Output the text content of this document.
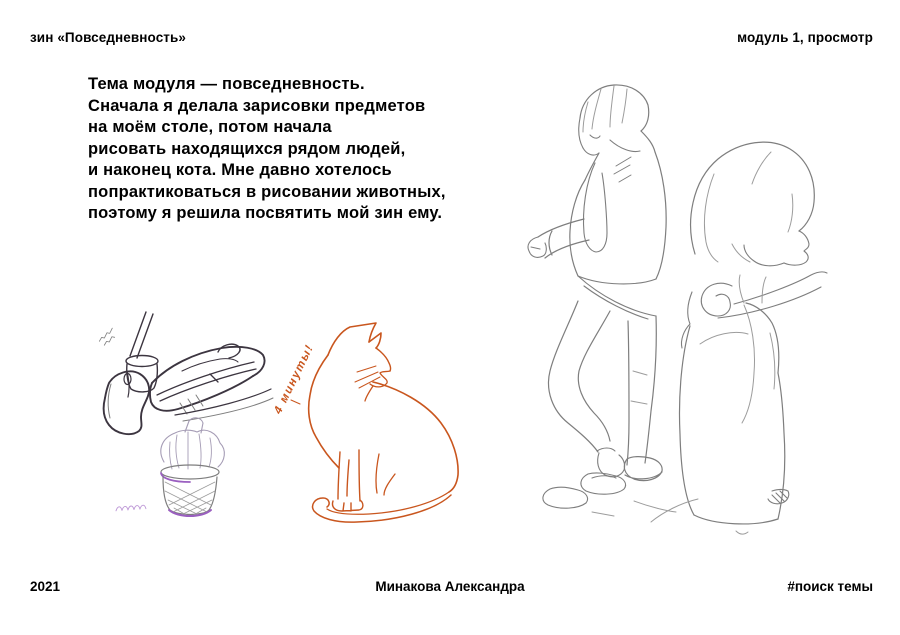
зин «Повседневность»	модуль 1, просмотр
Тема модуля — повседневность.
Сначала я делала зарисовки предметов
на моём столе, потом начала
рисовать находящихся рядом людей,
и наконец кота. Мне давно хотелось
попрактиковаться в рисовании животных,
поэтому я решила посвятить мой зин ему.
4 минуты!
2021	Минакова Александра	#поиск темы
